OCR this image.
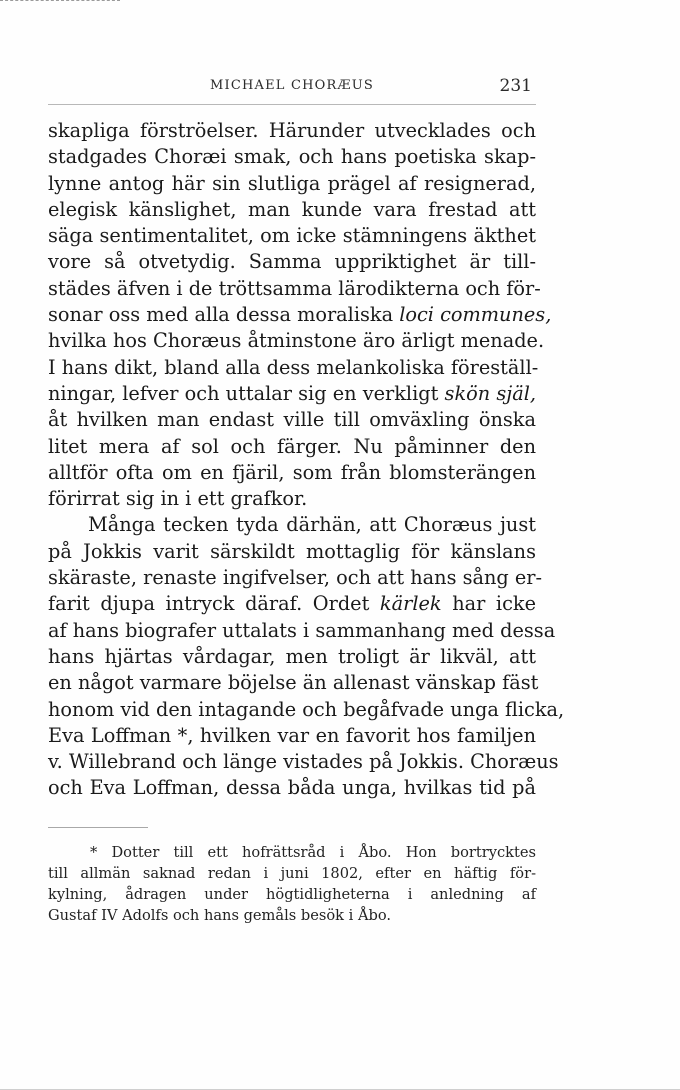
MICHAEL CHORÆUS	231
skapliga förströelser. Härunder utvecklades och
stadgades Choræi smak, och hans poetiska skap-
lynne antog här sin slutliga prägel af resignerad,
elegisk känslighet, man kunde vara frestad att
säga sentimentalitet, om icke stämningens äkthet
vore så otvetydig. Samma uppriktighet är till-
städes äfven i de tröttsamma lärodikterna och för-
sonar oss med alla dessa moraliska loci communes,
hvilka hos Choræus åtminstone äro ärligt menade.
I hans dikt, bland alla dess melankoliska föreställ-
ningar, lefver och uttalar sig en verkligt skön själ,
åt hvilken man endast ville till omväxling önska
litet mera af sol och färger. Nu påminner den
alltför ofta om en fjäril, som från blomsterängen
förirrat sig in i ett grafkor.
Många tecken tyda därhän, att Choræus just
på Jokkis varit särskildt mottaglig för känslans
skäraste, renaste ingifvelser, och att hans sång er-
farit djupa intryck däraf. Ordet kärlek har icke
af hans biografer uttalats i sammanhang med dessa
hans hjärtas vårdagar, men troligt är likväl, att
en något varmare böjelse än allenast vänskap fäst
honom vid den intagande och begåfvade unga flicka,
Eva Loffman *, hvilken var en favorit hos familjen
v. Willebrand och länge vistades på Jokkis. Choræus
och Eva Loffman, dessa båda unga, hvilkas tid på
* Dotter till ett hofrättsråd i Åbo. Hon bortrycktes
till allmän saknad redan i juni 1802, efter en häftig för-
kylning, ådragen under högtidligheterna i anledning af
Gustaf IV Adolfs och hans gemåls besök i Åbo.
